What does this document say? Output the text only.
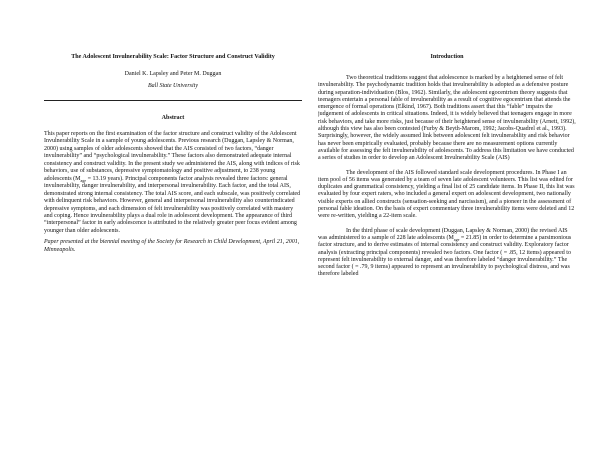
The Adolescent Invulnerability Scale: Factor Structure and Construct Validity
Daniel K. Lapsley and Peter M. Duggan
Ball State University
Abstract
This paper reports on the first examination of the factor structure and construct validity of the Adolescent Invulnerability Scale in a sample of young adolescents. Previous research (Duggan, Lapsley & Norman, 2000) using samples of older adolescents showed that the AIS consisted of two factors, “danger invulnerability” and “psychological invulnerability.” These factors also demonstrated adequate internal consistency and construct validity. In the present study we administered the AIS, along with indices of risk behaviors, use of substances, depressive symptomatology and positive adjustment, to 238 young adolescents ($M_{age} = 13.19$ years). Principal components factor analysis revealed three factors: general invulnerability, danger invulnerability, and interpersonal invulnerability. Each factor, and the total AIS, demonstrated strong internal consistency. The total AIS score, and each subscale, was positively correlated with delinquent risk behaviors. However, general and interpersonal invulnerability also counterindicated depressive symptoms, and each dimension of felt invulnerability was positively correlated with mastery and coping. Hence invulnerability plays a dual role in adolescent development. The appearance of third “interpersonal” factor in early adolescence is attributed to the relatively greater peer focus evident among younger than older adolescents.
Paper presented at the biennial meeting of the Society for Research in Child Development, April 21, 2001, Minneapolis.
Introduction

Two theoretical traditions suggest that adolescence is marked by a heightened sense of felt invulnerability. The psychodynamic tradition holds that invulnerability is adopted as a defensive posture during separation-individuation (Blos, 1962). Similarly, the adolescent egocentrism theory suggests that teenagers entertain a personal fable of invulnerability as a result of cognitive egocentrism that attends the emergence of formal operations (Elkind, 1967). Both traditions assert that this “fable” impairs the judgement of adolescents in critical situations. Indeed, it is widely believed that teenagers engage in more risk behaviors, and take more risks, just because of their heightened sense of invulnerability (Arnett, 1992), although this view has also been contested (Furby & Beyth-Marom, 1992; Jacobs-Quadrel et al., 1993). Surprisingly, however, the widely assumed link between adolescent felt invulnerability and risk behavior has never been empirically evaluated, probably because there are no measurement options currently available for assessing the felt invulnerability of adolescents. To address this limitation we have conducted a series of studies in order to develop an Adolescent Invulnerability Scale (AIS)

The development of the AIS followed standard scale development procedures. In Phase I an item pool of 56 items was generated by a team of seven late adolescent volunteers. This list was edited for duplicates and grammatical consistency, yielding a final list of 25 candidate items. In Phase II, this list was evaluated by four expert raters, who included a general expert on adolescent development, two nationally visible experts on allied constructs (sensation-seeking and narcissism), and a pioneer in the assessment of personal fable ideation. On the basis of expert commentary three invulnerability items were deleted and 12 were re-written, yielding a 22-item scale.

In the third phase of scale development (Duggan, Lapsley & Norman, 2000) the revised AIS was administered to a sample of 228 late adolescents $(M_{age} = 21.85)$ in order to determine a parsimonious factor structure, and to derive estimates of internal consistency and construct validity. Exploratory factor analysis (extracting principal components) revealed two factors. One factor ( = .85, 12 items) appeared to represent felt invulnerability to external danger, and was therefore labeled “danger invulnerability.” The second factor ( = .79, 9 items) appeared to represent an invulnerability to psychological distress, and was therefore labeled
